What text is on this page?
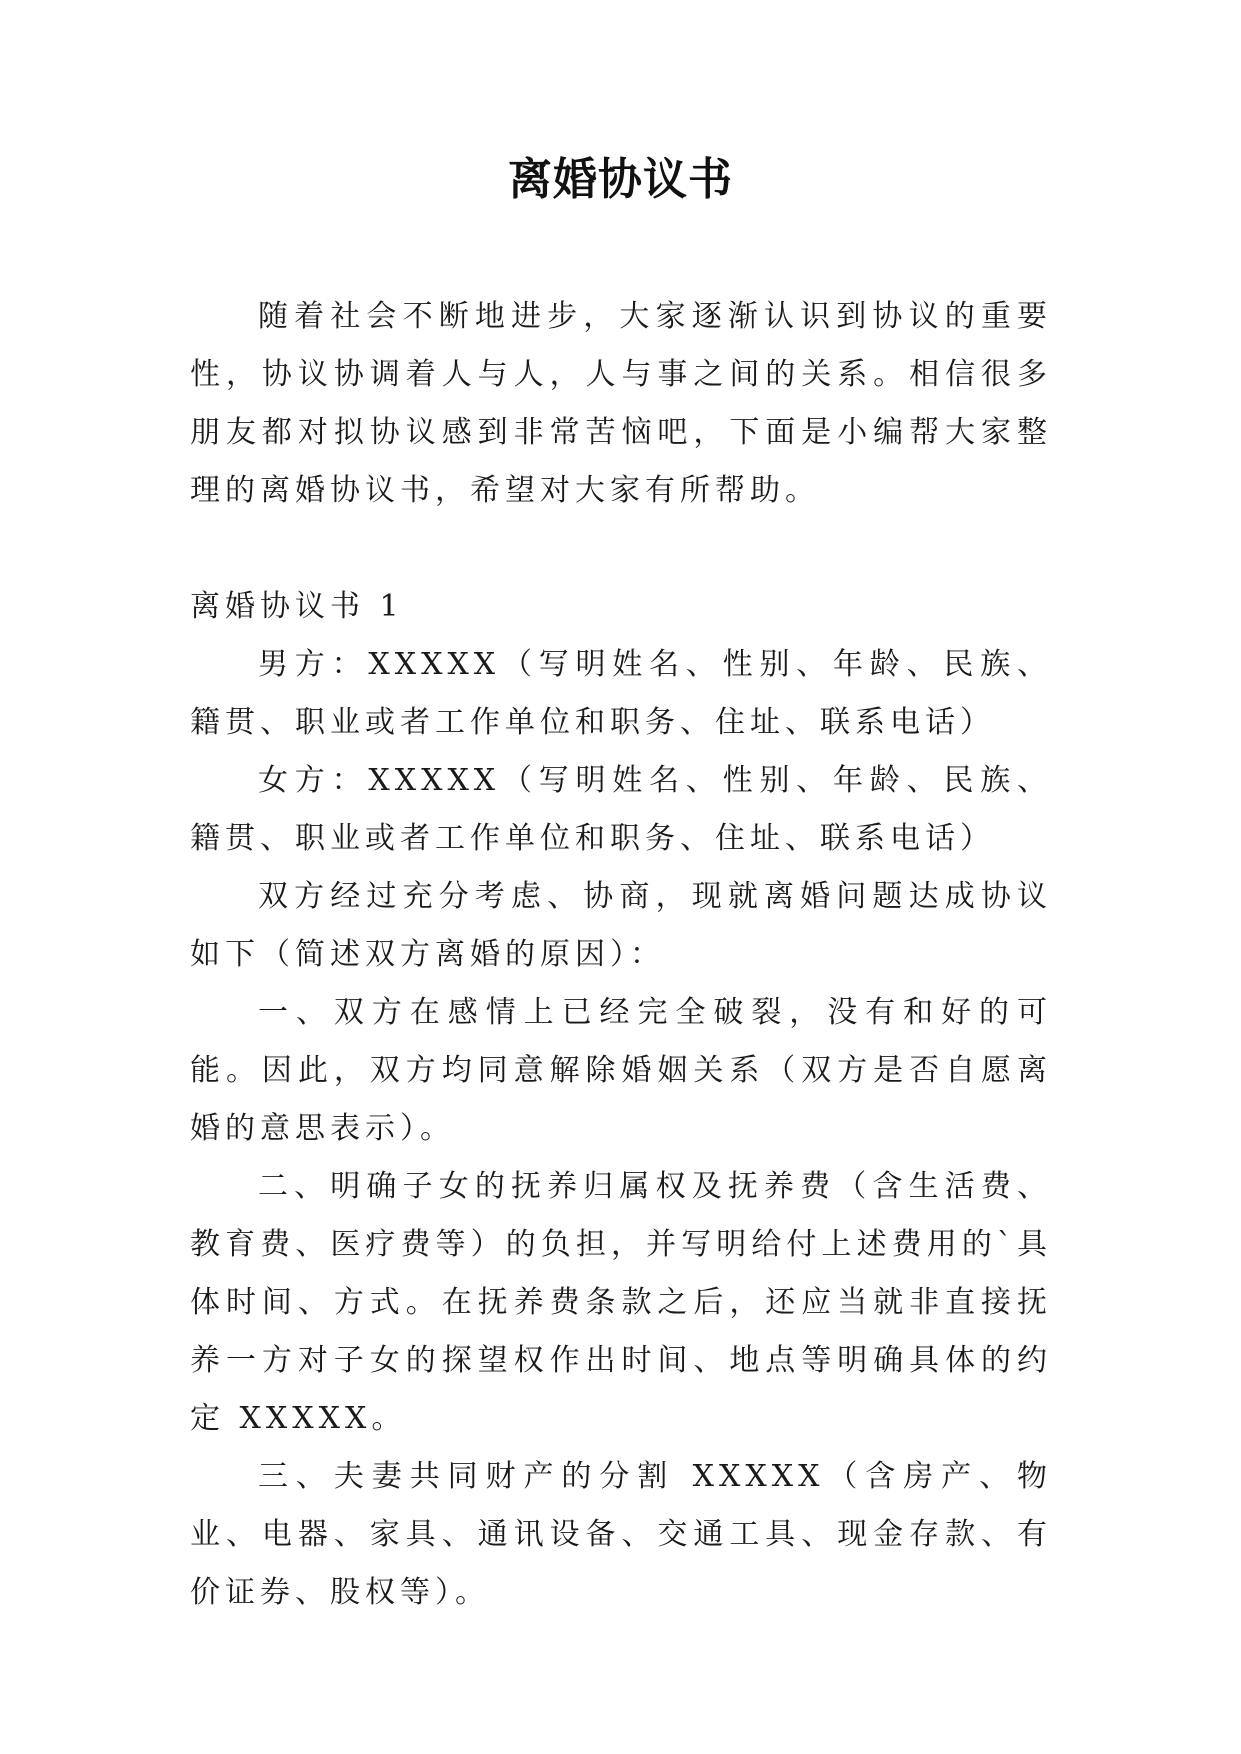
离婚协议书

随着社会不断地进步，大家逐渐认识到协议的重要性，协议协调着人与人，人与事之间的关系。相信很多朋友都对拟协议感到非常苦恼吧，下面是小编帮大家整理的离婚协议书，希望对大家有所帮助。

离婚协议书 1

男方：XXXXX（写明姓名、性别、年龄、民族、籍贯、职业或者工作单位和职务、住址、联系电话）

女方：XXXXX（写明姓名、性别、年龄、民族、籍贯、职业或者工作单位和职务、住址、联系电话）

双方经过充分考虑、协商，现就离婚问题达成协议如下（简述双方离婚的原因）：

一、双方在感情上已经完全破裂，没有和好的可能。因此，双方均同意解除婚姻关系（双方是否自愿离婚的意思表示）。

二、明确子女的抚养归属权及抚养费（含生活费、教育费、医疗费等）的负担，并写明给付上述费用的`具体时间、方式。在抚养费条款之后，还应当就非直接抚养一方对子女的探望权作出时间、地点等明确具体的约定 XXXXX。

三、夫妻共同财产的分割 XXXXX（含房产、物业、电器、家具、通讯设备、交通工具、现金存款、有价证券、股权等）。
